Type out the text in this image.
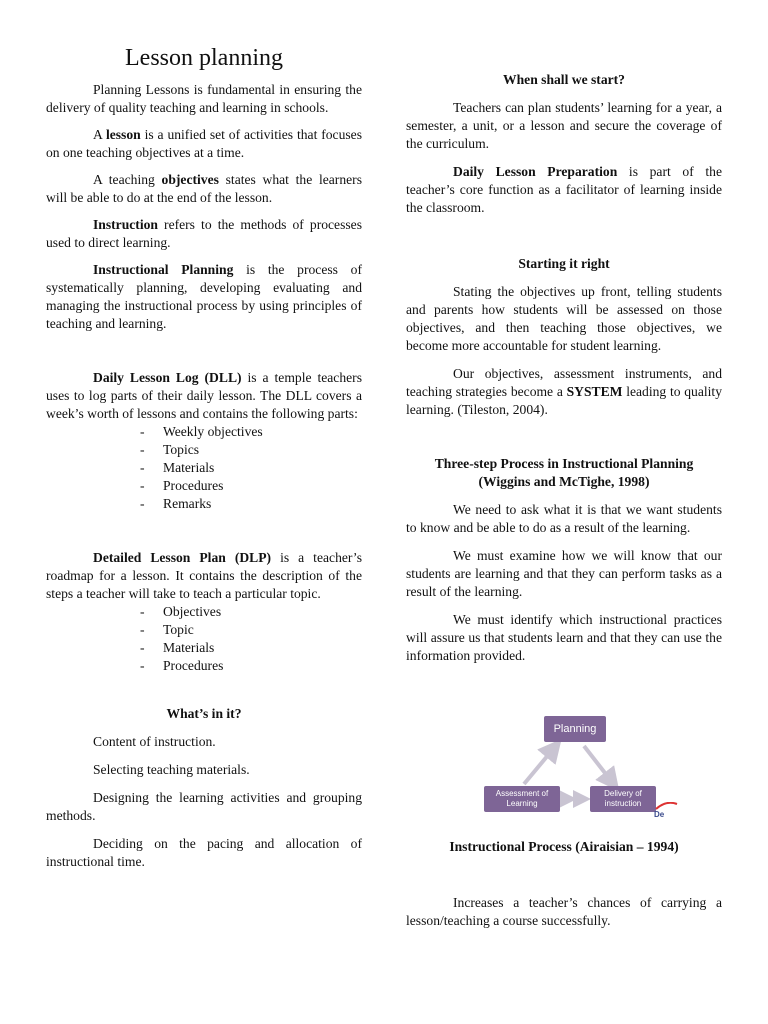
Lesson planning

Planning Lessons is fundamental in ensuring the delivery of quality teaching and learning in schools.

A lesson is a unified set of activities that focuses on one teaching objectives at a time.

A teaching objectives states what the learners will be able to do at the end of the lesson.

Instruction refers to the methods of processes used to direct learning.

Instructional Planning is the process of systematically planning, developing evaluating and managing the instructional process by using principles of teaching and learning.

Daily Lesson Log (DLL) is a temple teachers uses to log parts of their daily lesson. The DLL covers a week’s worth of lessons and contains the following parts:

- Weekly objectives
- Topics
- Materials
- Procedures
- Remarks

Detailed Lesson Plan (DLP) is a teacher’s roadmap for a lesson. It contains the description of the steps a teacher will take to teach a particular topic.

- Objectives
- Topic
- Materials
- Procedures
What’s in it?

Content of instruction.

Selecting teaching materials.

Designing the learning activities and grouping methods.

Deciding on the pacing and allocation of instructional time.

When shall we start?

Teachers can plan students’ learning for a year, a semester, a unit, or a lesson and secure the coverage of the curriculum.

Daily Lesson Preparation is part of the teacher’s core function as a facilitator of learning inside the classroom.

Starting it right

Stating the objectives up front, telling students and parents how students will be assessed on those objectives, and then teaching those objectives, we become more accountable for student learning.

Our objectives, assessment instruments, and teaching strategies become a SYSTEM leading to quality learning. (Tileston, 2004).

Three-step Process in Instructional Planning
(Wiggins and McTighe, 1998)

We need to ask what it is that we want students to know and be able to do as a result of the learning.

We must examine how we will know that our students are learning and that they can perform tasks as a result of the learning.

We must identify which instructional practices will assure us that students learn and that they can use the information provided.

Planning
Assessment of Learning
Delivery of instruction
De
Instructional Process (Airaisian – 1994)

Increases a teacher’s chances of carrying a lesson/teaching a course successfully.
